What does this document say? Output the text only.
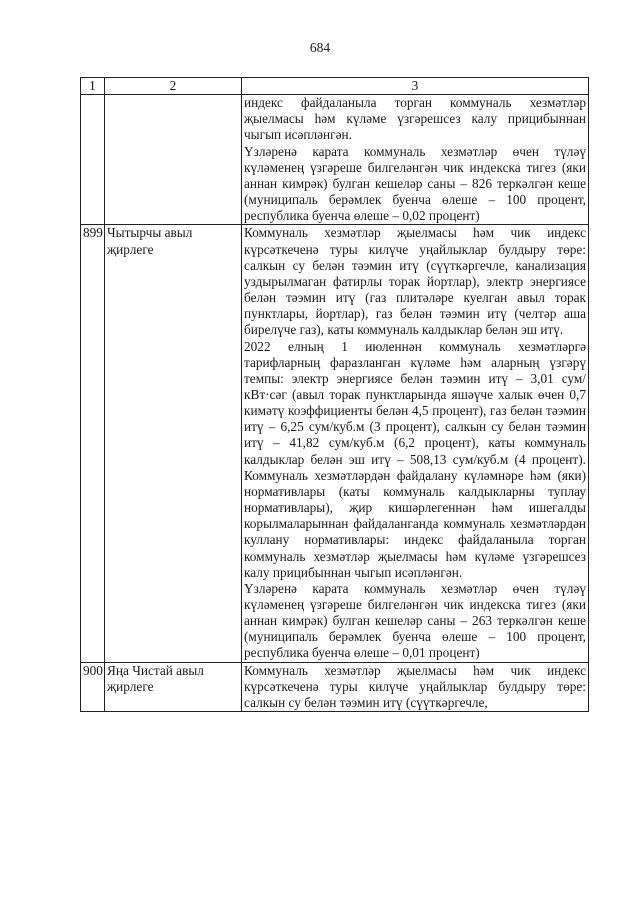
684
1	2	3

		индекс файдаланыла торган коммуналь хезмәтләр җыелмасы һәм күләме үзгәрешсез калу прицибыннан чыгып исәпләнгән.

Үзләренә карата коммуналь хезмәтләр өчен түләү күләменең үзгәреше билгеләнгән чик индекска тигез (яки аннан кимрәк) булган кешеләр саны – 826 теркәлгән кеше (муниципаль берәмлек буенча өлеше – 100 процент, республика буенча өлеше – 0,02 процент)

899	Чытырчы авыл җирлеге	Коммуналь хезмәтләр җыелмасы һәм чик индекс күрсәткеченә туры килүче уңайлыклар булдыру төре: салкын су белән тәэмин итү (сүүткәргечле, канализация уздырылмаган фатирлы торак йортлар), электр энергиясе белән тәэмин итү (газ плитәләре куелган авыл торак пунктлары, йортлар), газ белән тәэмин итү (челтәр аша бирелүче газ), каты коммуналь калдыклар белән эш итү.

2022 елның 1 июленнән коммуналь хезмәтләргә тарифларның фаразланган күләме һәм аларның үзгәрү темпы: электр энергиясе белән тәэмин итү – 3,01 сум/кВт·сәг (авыл торак пунктларында яшәүче халык өчен 0,7 кимәтү коэффициенты белән 4,5 процент), газ белән тәэмин итү – 6,25 сум/куб.м (3 процент), салкын су белән тәэмин итү – 41,82 сум/куб.м (6,2 процент), каты коммуналь калдыклар белән эш итү – 508,13 сум/куб.м (4 процент). Коммуналь хезмәтләрдән файдалану күләмнәре һәм (яки) нормативлары (каты коммуналь калдыкларны туплау нормативлары), җир кишәрлегеннән һәм ишегалды корылмаларыннан файдаланганда коммуналь хезмәтләрдән куллану нормативлары: индекс файдаланыла торган коммуналь хезмәтләр җыелмасы һәм күләме үзгәрешсез калу прицибыннан чыгып исәпләнгән.

Үзләренә карата коммуналь хезмәтләр өчен түләү күләменең үзгәреше билгеләнгән чик индекска тигез (яки аннан кимрәк) булган кешеләр саны – 263 теркәлгән кеше (муниципаль берәмлек буенча өлеше – 100 процент, республика буенча өлеше – 0,01 процент)

900	Яңа Чистай авыл җирлеге	Коммуналь хезмәтләр җыелмасы һәм чик индекс күрсәткеченә туры килүче уңайлыклар булдыру төре: салкын су белән тәэмин итү (сүүткәргечле,
